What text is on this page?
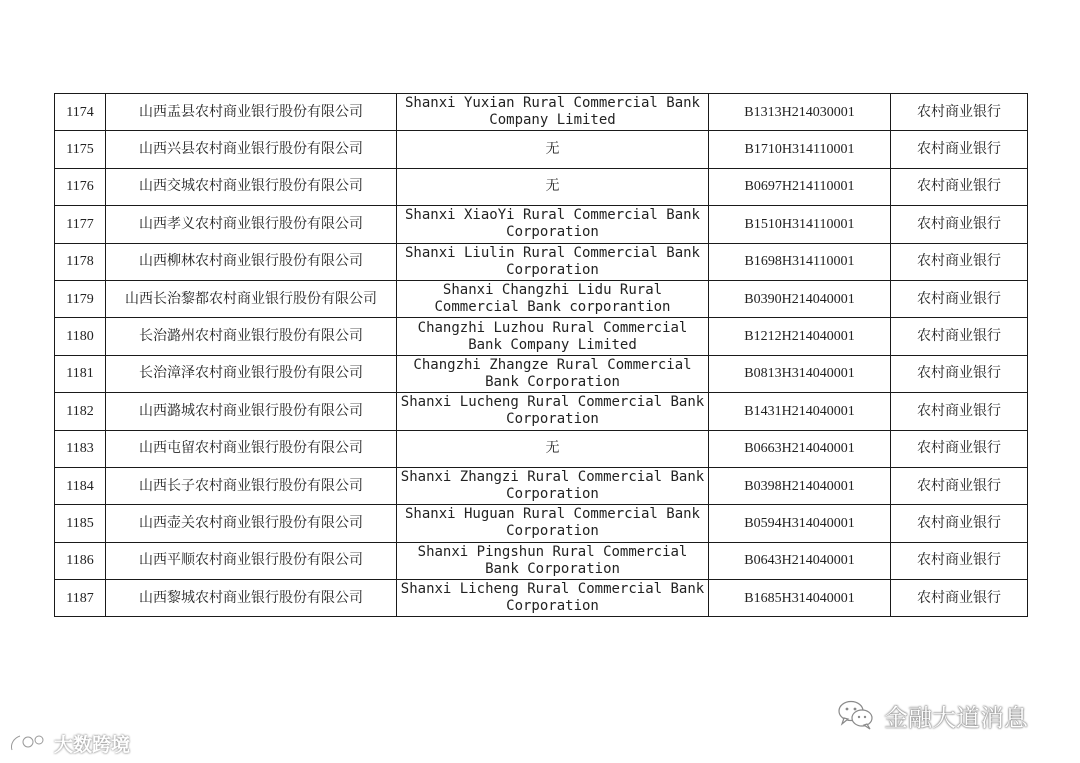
1174	山西盂县农村商业银行股份有限公司	Shanxi Yuxian Rural Commercial Bank Company Limited	B1313H214030001	农村商业银行
1175	山西兴县农村商业银行股份有限公司	无	B1710H314110001	农村商业银行
1176	山西交城农村商业银行股份有限公司	无	B0697H214110001	农村商业银行
1177	山西孝义农村商业银行股份有限公司	Shanxi XiaoYi Rural Commercial Bank Corporation	B1510H314110001	农村商业银行
1178	山西柳林农村商业银行股份有限公司	Shanxi Liulin Rural Commercial Bank Corporation	B1698H314110001	农村商业银行
1179	山西长治黎都农村商业银行股份有限公司	Shanxi Changzhi Lidu Rural Commercial Bank corporantion	B0390H214040001	农村商业银行
1180	长治潞州农村商业银行股份有限公司	Changzhi Luzhou Rural Commercial Bank Company Limited	B1212H214040001	农村商业银行
1181	长治漳泽农村商业银行股份有限公司	Changzhi Zhangze Rural Commercial Bank Corporation	B0813H314040001	农村商业银行
1182	山西潞城农村商业银行股份有限公司	Shanxi Lucheng Rural Commercial Bank Corporation	B1431H214040001	农村商业银行
1183	山西屯留农村商业银行股份有限公司	无	B0663H214040001	农村商业银行
1184	山西长子农村商业银行股份有限公司	Shanxi Zhangzi Rural Commercial Bank Corporation	B0398H214040001	农村商业银行
1185	山西壶关农村商业银行股份有限公司	Shanxi Huguan Rural Commercial Bank Corporation	B0594H314040001	农村商业银行
1186	山西平顺农村商业银行股份有限公司	Shanxi Pingshun Rural Commercial Bank Corporation	B0643H214040001	农村商业银行
1187	山西黎城农村商业银行股份有限公司	Shanxi Licheng Rural Commercial Bank Corporation	B1685H314040001	农村商业银行
大数跨境
金融大道消息
